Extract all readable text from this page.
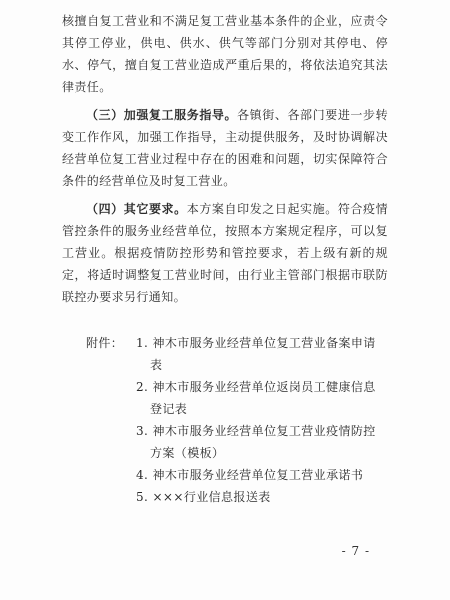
核擅自复工营业和不满足复工营业基本条件的企业，应责令其停工停业，供电、供水、供气等部门分别对其停电、停水、停气，擅自复工营业造成严重后果的，将依法追究其法律责任。

（三）加强复工服务指导。各镇街、各部门要进一步转变工作作风，加强工作指导，主动提供服务，及时协调解决经营单位复工营业过程中存在的困难和问题，切实保障符合条件的经营单位及时复工营业。

（四）其它要求。本方案自印发之日起实施。符合疫情管控条件的服务业经营单位，按照本方案规定程序，可以复工营业。根据疫情防控形势和管控要求，若上级有新的规定，将适时调整复工营业时间，由行业主管部门根据市联防联控办要求另行通知。

附件：	1. 神木市服务业经营单位复工营业备案申请表
2. 神木市服务业经营单位返岗员工健康信息登记表
3. 神木市服务业经营单位复工营业疫情防控方案（模板）
4. 神木市服务业经营单位复工营业承诺书
5. ×××行业信息报送表
- 7 -
